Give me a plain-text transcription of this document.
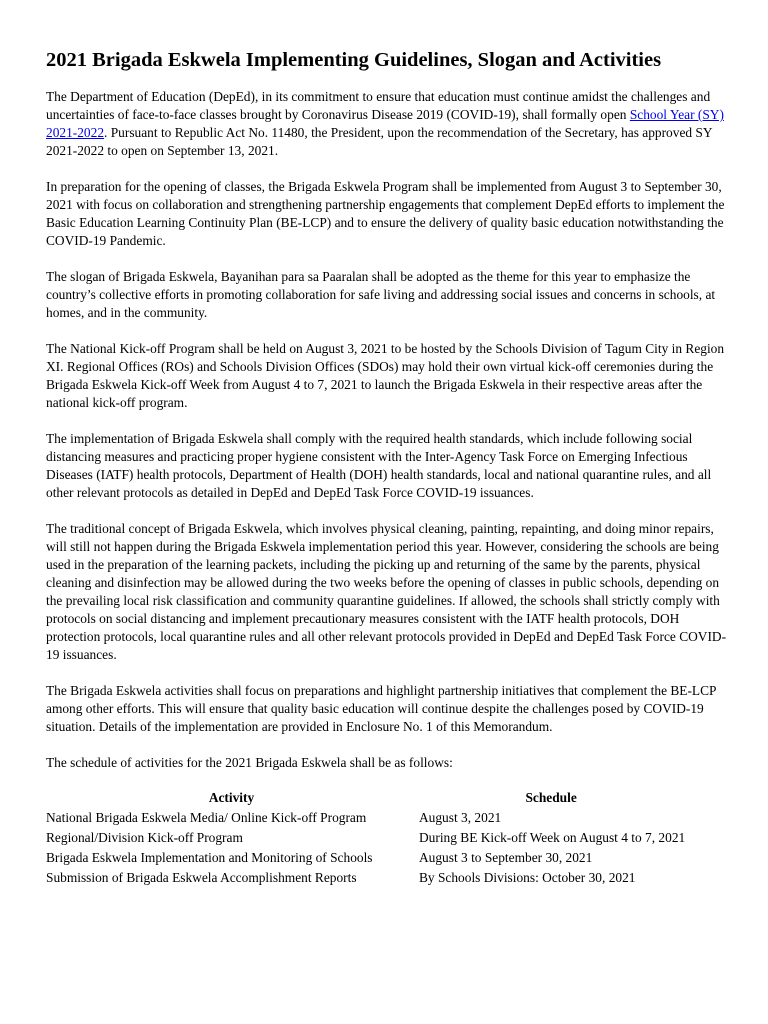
2021 Brigada Eskwela Implementing Guidelines, Slogan and Activities

The Department of Education (DepEd), in its commitment to ensure that education must continue amidst the challenges and uncertainties of face-to-face classes brought by Coronavirus Disease 2019 (COVID-19), shall formally open School Year (SY) 2021-2022. Pursuant to Republic Act No. 11480, the President, upon the recommendation of the Secretary, has approved SY 2021-2022 to open on September 13, 2021.

In preparation for the opening of classes, the Brigada Eskwela Program shall be implemented from August 3 to September 30, 2021 with focus on collaboration and strengthening partnership engagements that complement DepEd efforts to implement the Basic Education Learning Continuity Plan (BE-LCP) and to ensure the delivery of quality basic education notwithstanding the COVID-19 Pandemic.

The slogan of Brigada Eskwela, Bayanihan para sa Paaralan shall be adopted as the theme for this year to emphasize the country’s collective efforts in promoting collaboration for safe living and addressing social issues and concerns in schools, at homes, and in the community.

The National Kick-off Program shall be held on August 3, 2021 to be hosted by the Schools Division of Tagum City in Region XI. Regional Offices (ROs) and Schools Division Offices (SDOs) may hold their own virtual kick-off ceremonies during the Brigada Eskwela Kick-off Week from August 4 to 7, 2021 to launch the Brigada Eskwela in their respective areas after the national kick-off program.

The implementation of Brigada Eskwela shall comply with the required health standards, which include following social distancing measures and practicing proper hygiene consistent with the Inter-Agency Task Force on Emerging Infectious Diseases (IATF) health protocols, Department of Health (DOH) health standards, local and national quarantine rules, and all other relevant protocols as detailed in DepEd and DepEd Task Force COVID-19 issuances.

The traditional concept of Brigada Eskwela, which involves physical cleaning, painting, repainting, and doing minor repairs, will still not happen during the Brigada Eskwela implementation period this year. However, considering the schools are being used in the preparation of the learning packets, including the picking up and returning of the same by the parents, physical cleaning and disinfection may be allowed during the two weeks before the opening of classes in public schools, depending on the prevailing local risk classification and community quarantine guidelines. If allowed, the schools shall strictly comply with protocols on social distancing and implement precautionary measures consistent with the IATF health protocols, DOH protection protocols, local quarantine rules and all other relevant protocols provided in DepEd and DepEd Task Force COVID-19 issuances.

The Brigada Eskwela activities shall focus on preparations and highlight partnership initiatives that complement the BE-LCP among other efforts. This will ensure that quality basic education will continue despite the challenges posed by COVID-19 situation. Details of the implementation are provided in Enclosure No. 1 of this Memorandum.

The schedule of activities for the 2021 Brigada Eskwela shall be as follows:

Activity	Schedule
National Brigada Eskwela Media/ Online Kick-off Program	August 3, 2021
Regional/Division Kick-off Program	During BE Kick-off Week on August 4 to 7, 2021
Brigada Eskwela Implementation and Monitoring of Schools	August 3 to September 30, 2021
Submission of Brigada Eskwela Accomplishment Reports	By Schools Divisions: October 30, 2021
